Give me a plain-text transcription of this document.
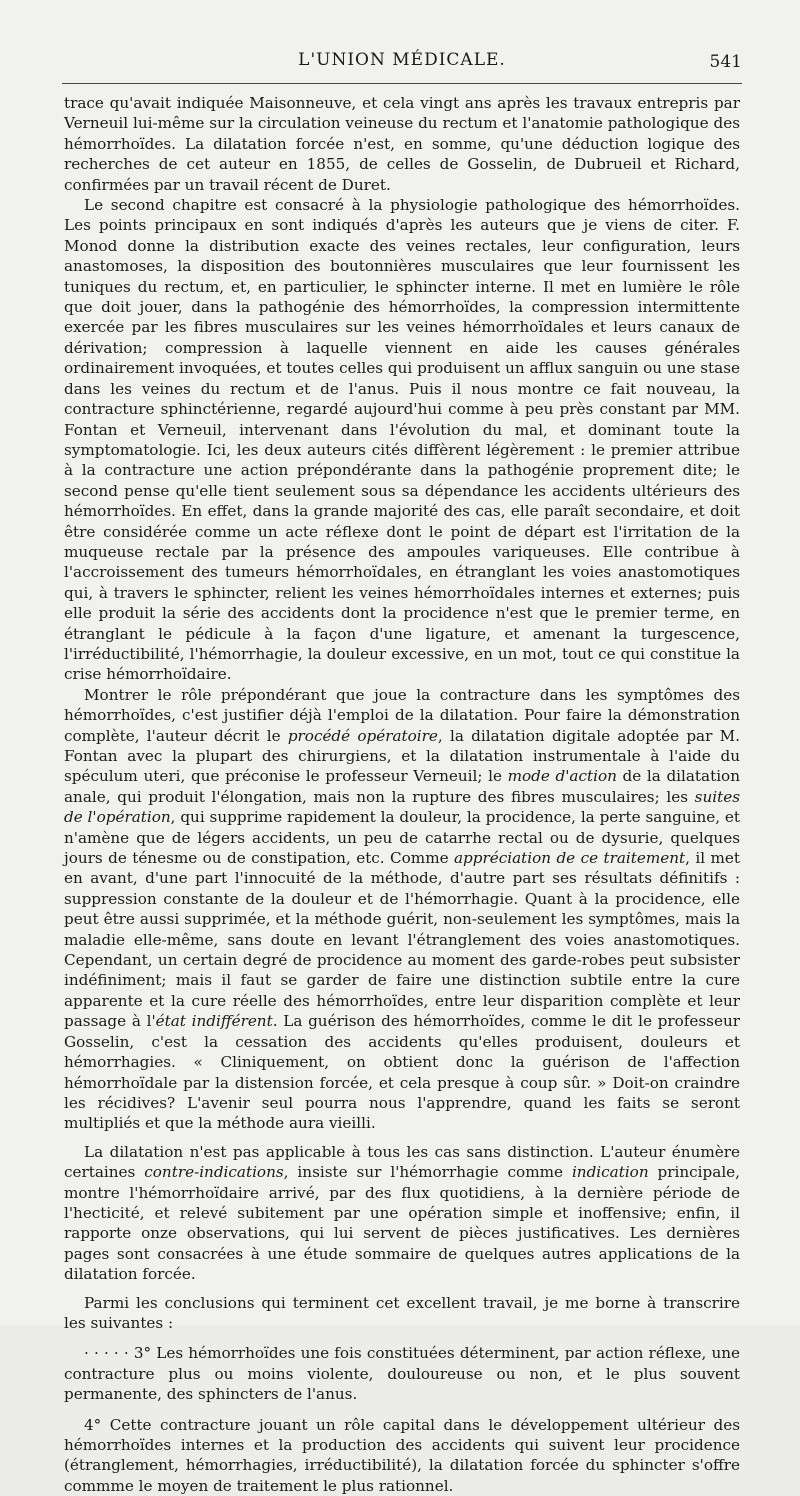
L'UNION MÉDICALE.	541

trace qu'avait indiquée Maisonneuve, et cela vingt ans après les travaux entrepris par Verneuil lui-même sur la circulation veineuse du rectum et l'anatomie pathologique des hémorrhoïdes. La dilatation forcée n'est, en somme, qu'une déduction logique des recherches de cet auteur en 1855, de celles de Gosselin, de Dubrueil et Richard, confirmées par un travail récent de Duret.

Le second chapitre est consacré à la physiologie pathologique des hémorrhoïdes. Les points principaux en sont indiqués d'après les auteurs que je viens de citer. F. Monod donne la distribution exacte des veines rectales, leur configuration, leurs anastomoses, la disposition des boutonnières musculaires que leur fournissent les tuniques du rectum, et, en particulier, le sphincter interne. Il met en lumière le rôle que doit jouer, dans la pathogénie des hémorrhoïdes, la compression intermittente exercée par les fibres musculaires sur les veines hémorrhoïdales et leurs canaux de dérivation; compression à laquelle viennent en aide les causes générales ordinairement invoquées, et toutes celles qui produisent un afflux sanguin ou une stase dans les veines du rectum et de l'anus. Puis il nous montre ce fait nouveau, la contracture sphinctérienne, regardé aujourd'hui comme à peu près constant par MM. Fontan et Verneuil, intervenant dans l'évolution du mal, et dominant toute la symptomatologie. Ici, les deux auteurs cités diffèrent légèrement : le premier attribue à la contracture une action prépondérante dans la pathogénie proprement dite; le second pense qu'elle tient seulement sous sa dépendance les accidents ultérieurs des hémorrhoïdes. En effet, dans la grande majorité des cas, elle paraît secondaire, et doit être considérée comme un acte réflexe dont le point de départ est l'irritation de la muqueuse rectale par la présence des ampoules variqueuses. Elle contribue à l'accroissement des tumeurs hémorrhoïdales, en étranglant les voies anastomotiques qui, à travers le sphincter, relient les veines hémorrhoïdales internes et externes; puis elle produit la série des accidents dont la procidence n'est que le premier terme, en étranglant le pédicule à la façon d'une ligature, et amenant la turgescence, l'irréductibilité, l'hémorrhagie, la douleur excessive, en un mot, tout ce qui constitue la crise hémorrhoïdaire.

Montrer le rôle prépondérant que joue la contracture dans les symptômes des hémorrhoïdes, c'est justifier déjà l'emploi de la dilatation. Pour faire la démonstration complète, l'auteur décrit le procédé opératoire, la dilatation digitale adoptée par M. Fontan avec la plupart des chirurgiens, et la dilatation instrumentale à l'aide du spéculum uteri, que préconise le professeur Verneuil; le mode d'action de la dilatation anale, qui produit l'élongation, mais non la rupture des fibres musculaires; les suites de l'opération, qui supprime rapidement la douleur, la procidence, la perte sanguine, et n'amène que de légers accidents, un peu de catarrhe rectal ou de dysurie, quelques jours de ténesme ou de constipation, etc. Comme appréciation de ce traitement, il met en avant, d'une part l'innocuité de la méthode, d'autre part ses résultats définitifs : suppression constante de la douleur et de l'hémorrhagie. Quant à la procidence, elle peut être aussi supprimée, et la méthode guérit, non-seulement les symptômes, mais la maladie elle-même, sans doute en levant l'étranglement des voies anastomotiques. Cependant, un certain degré de procidence au moment des garde-robes peut subsister indéfiniment; mais il faut se garder de faire une distinction subtile entre la cure apparente et la cure réelle des hémorrhoïdes, entre leur disparition complète et leur passage à l'état indifférent. La guérison des hémorrhoïdes, comme le dit le professeur Gosselin, c'est la cessation des accidents qu'elles produisent, douleurs et hémorrhagies. « Cliniquement, on obtient donc la guérison de l'affection hémorrhoïdale par la distension forcée, et cela presque à coup sûr. » Doit-on craindre les récidives? L'avenir seul pourra nous l'apprendre, quand les faits se seront multipliés et que la méthode aura vieilli.

La dilatation n'est pas applicable à tous les cas sans distinction. L'auteur énumère certaines contre-indications, insiste sur l'hémorrhagie comme indication principale, montre l'hémorrhoïdaire arrivé, par des flux quotidiens, à la dernière période de l'hecticité, et relevé subitement par une opération simple et inoffensive; enfin, il rapporte onze observations, qui lui servent de pièces justificatives. Les dernières pages sont consacrées à une étude sommaire de quelques autres applications de la dilatation forcée.

Parmi les conclusions qui terminent cet excellent travail, je me borne à transcrire les suivantes :

· · · · · 3° Les hémorrhoïdes une fois constituées déterminent, par action réflexe, une contracture plus ou moins violente, douloureuse ou non, et le plus souvent permanente, des sphincters de l'anus.

4° Cette contracture jouant un rôle capital dans le développement ultérieur des hémorrhoïdes internes et la production des accidents qui suivent leur procidence (étranglement, hémorrhagies, irréductibilité), la dilatation forcée du sphincter s'offre commme le moyen de traitement le plus rationnel.
